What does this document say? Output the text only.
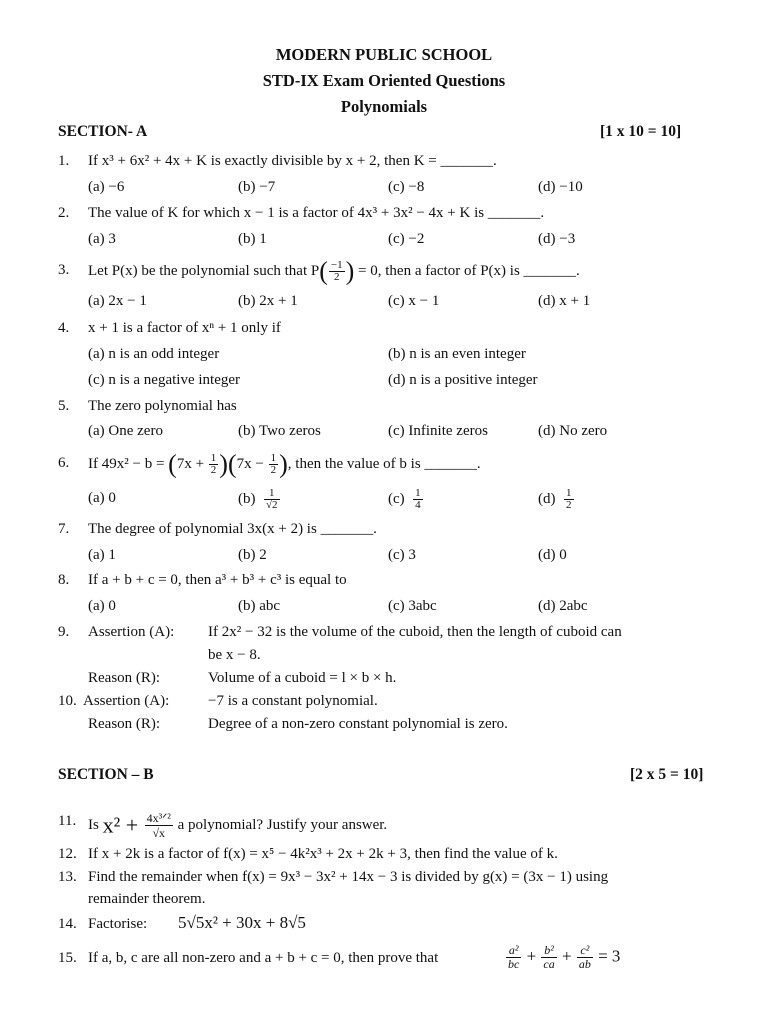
MODERN PUBLIC SCHOOL
STD-IX Exam Oriented Questions
Polynomials
SECTION- A	[1 x 10 = 10]
1. If x³ + 6x² + 4x + K is exactly divisible by x + 2, then K = _______.
(a) −6	(b) −7	(c) −8	(d) −10
2. The value of K for which x − 1 is a factor of 4x³ + 3x² − 4x + K is _______.
(a) 3	(b) 1	(c) −2	(d) −3
3. Let P(x) be the polynomial such that $P( \frac{-1}{2}$ ) = 0, then a factor of P(x) is _______.
(a) 2x − 1	(b) 2x + 1	(c) x − 1	(d) x + 1
4. x + 1 is a factor of xⁿ + 1 only if
(a) n is an odd integer	(b) n is an even integer
(c) n is a negative integer	(d) n is a positive integer
5. The zero polynomial has
(a) One zero	(b) Two zeros	(c) Infinite zeros	(d) No zero
6. If $49x^2 - b = (7x + \frac{1}{2} )(7x - \frac{1}{2}$ ), then the value of b is _______.
(a) 0	$(b) \frac{1}{√2}$	$(c) \frac{1}{4}$	$(d) \frac{1}{2}$
7. The degree of polynomial 3x(x + 2) is _______.
(a) 1	(b) 2	(c) 3	(d) 0
8. If a + b + c = 0, then a³ + b³ + c³ is equal to
(a) 0	(b) abc	(c) 3abc	(d) 2abc
9. Assertion (A): If 2x² − 32 is the volume of the cuboid, then the length of cuboid can
be x − 8.
Reason (R):	Volume of a cuboid = l × b × h.
10. Assertion (A):	−7 is a constant polynomial.
Reason (R):	Degree of a non-zero constant polynomial is zero.
SECTION – B	[2 x 5 = 10]
11. Is $x^2 + \frac{\text{4x³ᐟ²}}{√x}$ a polynomial? Justify your answer.
12. If x + 2k is a factor of f(x) = x⁵ − 4k²x³ + 2x + 2k + 3, then find the value of k.
13. Find the remainder when f(x) = 9x³ − 3x² + 14x − 3 is divided by g(x) = (3x − 1) using
remainder theorem.
14. Factorise: 5√5x² + 30x + 8√5
15. If a, b, c are all non-zero and a + b + c = 0, then prove that	$\frac{\text{a²}}{bc} + \frac{\text{b²}}{ca} + \frac{\text{c²}}{ab} = 3$
